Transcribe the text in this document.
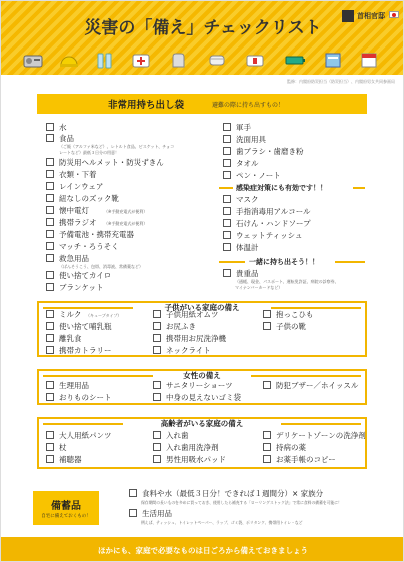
災害の「備え」チェックリスト
首相官邸
監修：内閣府防災担当（防災担当）、内閣府男女共同参画局
非常用持ち出し袋	避難の際に持ち出すもの！
水
食品
（ご飯（アルファ米など）、レトルト食品、ビスケット、チョコ
レートなど）最低３日分の用意！
防災用ヘルメット・防災ずきん
衣類・下着
レインウェア
紐なしのズック靴
懐中電灯	（※手動充電式が便利）
携帯ラジオ （※手動充電式が便利）
予備電池・携帯充電器
マッチ・ろうそく
救急用品
（ばんそうこう、包帯、消毒液、常備薬など）
使い捨てカイロ
ブランケット
軍手
洗面用具
歯ブラシ・歯磨き粉
タオル
ペン・ノート
感染症対策にも有効です！！
マスク
手指消毒用アルコール
石けん・ハンドソープ
ウェットティッシュ
体温計
一緒に持ち出そう！！
貴重品
（通帳、現金、パスポート、運転免許証、病院の診察券、
マイナンバーカードなど）
子供がいる家庭の備え
ミルク （キューブタイプ）
使い捨て哺乳瓶
離乳食
携帯カトラリー
子供用紙オムツ
お尻ふき
携帯用お尻洗浄機
ネックライト
抱っこひも
子供の靴
女性の備え
生理用品
おりものシート
サニタリーショーツ
中身の見えないゴミ袋
防犯ブザー／ホイッスル
高齢者がいる家庭の備え
大人用紙パンツ
杖
補聴器
入れ歯
入れ歯用洗浄剤
男性用吸水パッド
デリケートゾーンの洗浄剤
持病の薬
お薬手帳のコピー
備蓄品
自宅に備えておくもの！
食料や水（最低３日分！できれば１週間分）× 家族分
保存期間の長いものを多めに買っておき、使用したら補充する「ローリングストック法」で常に食料の備蓄を可能に！
生活用品
例えば、ティッシュ、トイレットペーパー、ラップ、ゴミ袋、ポリタンク、携帯用トイレ・など
ほかにも、家庭で必要なものは日ごろから備えておきましょう
